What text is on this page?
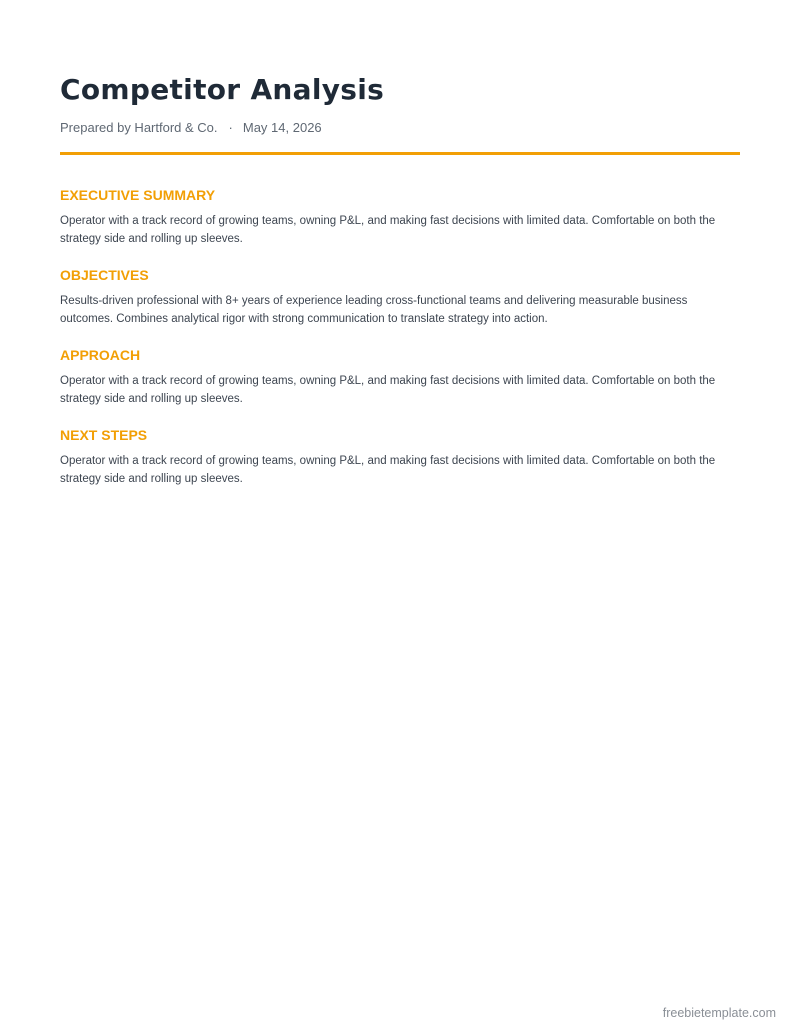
Competitor Analysis
Prepared by Hartford & Co. · May 14, 2026
EXECUTIVE SUMMARY

Operator with a track record of growing teams, owning P&L, and making fast decisions with limited data. Comfortable on both the strategy side and rolling up sleeves.

OBJECTIVES

Results-driven professional with 8+ years of experience leading cross-functional teams and delivering measurable business outcomes. Combines analytical rigor with strong communication to translate strategy into action.

APPROACH

Operator with a track record of growing teams, owning P&L, and making fast decisions with limited data. Comfortable on both the strategy side and rolling up sleeves.

NEXT STEPS

Operator with a track record of growing teams, owning P&L, and making fast decisions with limited data. Comfortable on both the strategy side and rolling up sleeves.

freebietemplate.com
